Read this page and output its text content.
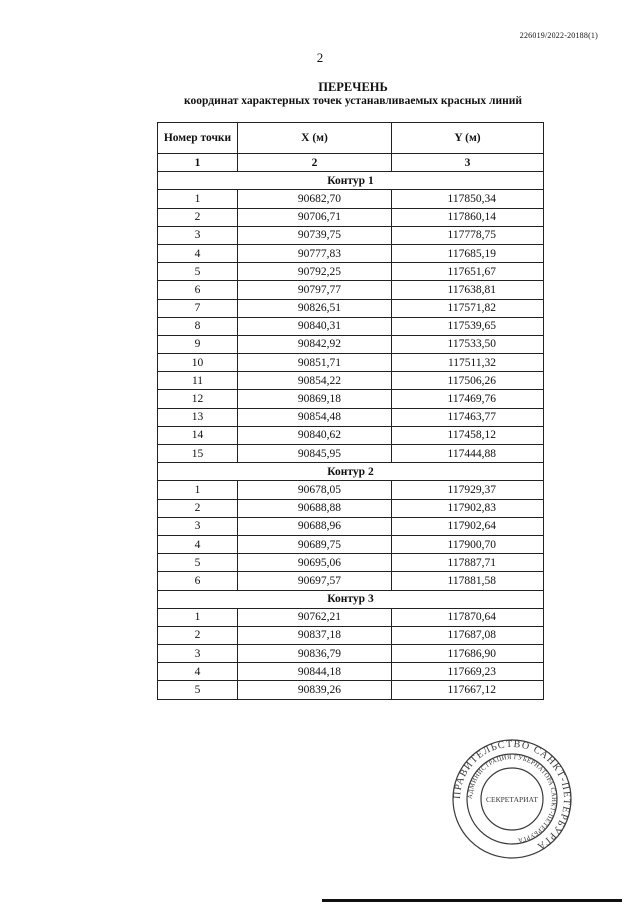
226019/2022-20188(1)
2
ПЕРЕЧЕНЬ
координат характерных точек устанавливаемых красных линий
Номер точки	X (м)	Y (м)
1	2	3
Контур 1		
1	90682,70	117850,34
2	90706,71	117860,14
3	90739,75	117778,75
4	90777,83	117685,19
5	90792,25	117651,67
6	90797,77	117638,81
7	90826,51	117571,82
8	90840,31	117539,65
9	90842,92	117533,50
10	90851,71	117511,32
11	90854,22	117506,26
12	90869,18	117469,76
13	90854,48	117463,77
14	90840,62	117458,12
15	90845,95	117444,88
Контур 2		
1	90678,05	117929,37
2	90688,88	117902,83
3	90688,96	117902,64
4	90689,75	117900,70
5	90695,06	117887,71
6	90697,57	117881,58
Контур 3		
1	90762,21	117870,64
2	90837,18	117687,08
3	90836,79	117686,90
4	90844,18	117669,23
5	90839,26	117667,12
ПРАВИТЕЛЬСТВО САНКТ-ПЕТЕРБУРГА
АДМИНИСТРАЦИЯ ГУБЕРНАТОРА САНКТ-ПЕТЕРБУРГА
СЕКРЕТАРИАТ
